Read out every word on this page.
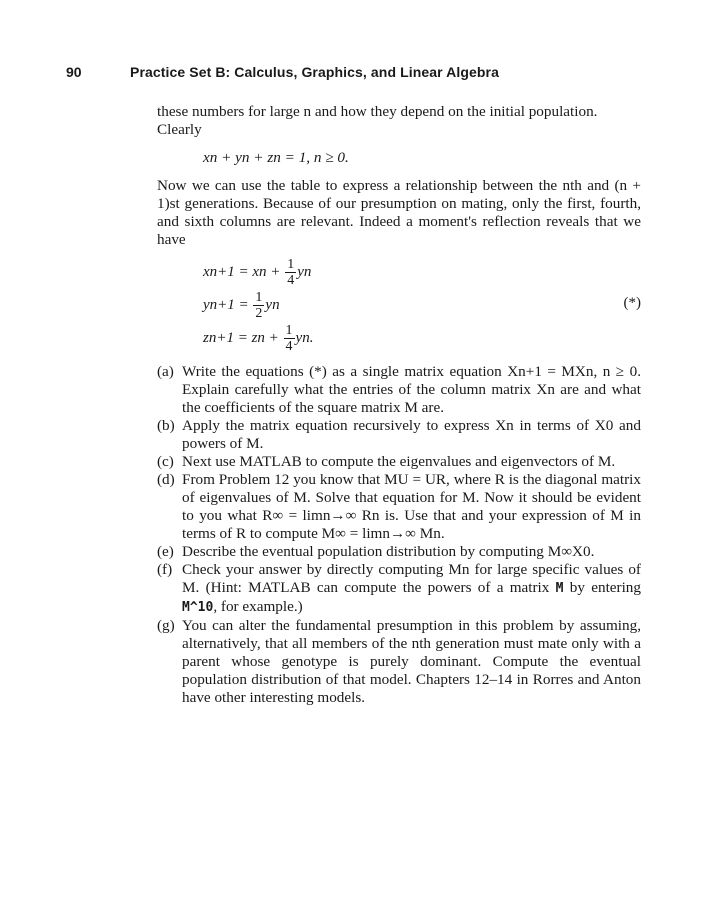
90	Practice Set B: Calculus, Graphics, and Linear Algebra

these numbers for large n and how they depend on the initial population.

Clearly

xn + yn + zn = 1, n ≥ 0.

Now we can use the table to express a relationship between the nth and (n + 1)st generations. Because of our presumption on mating, only the first, fourth, and sixth columns are relevant. Indeed a moment's reflection reveals that we have

xn+1 = xn + $\frac{1}{4}$ yn
$yn+1 = \frac{1}{2}$ yn
zn+1 = zn + $\frac{1}{4}$ yn.
(*)
(a) Write the equations (*) as a single matrix equation Xn+1 = MXn, n ≥ 0. Explain carefully what the entries of the column matrix Xn are and what the coefficients of the square matrix M are.
(b) Apply the matrix equation recursively to express Xn in terms of X0 and powers of M.
(c) Next use MATLAB to compute the eigenvalues and eigenvectors of M.
(d) From Problem 12 you know that MU = UR, where R is the diagonal matrix of eigenvalues of M. Solve that equation for M. Now it should be evident to you what R∞ = limn→∞ Rn is. Use that and your expression of M in terms of R to compute M∞ = limn→∞ Mn.
(e) Describe the eventual population distribution by computing M∞X0.
(f) Check your answer by directly computing Mn for large specific values of M. (Hint: MATLAB can compute the powers of a matrix M by entering M^10, for example.)
(g) You can alter the fundamental presumption in this problem by assuming, alternatively, that all members of the nth generation must mate only with a parent whose genotype is purely dominant. Compute the eventual population distribution of that model. Chapters 12–14 in Rorres and Anton have other interesting models.
